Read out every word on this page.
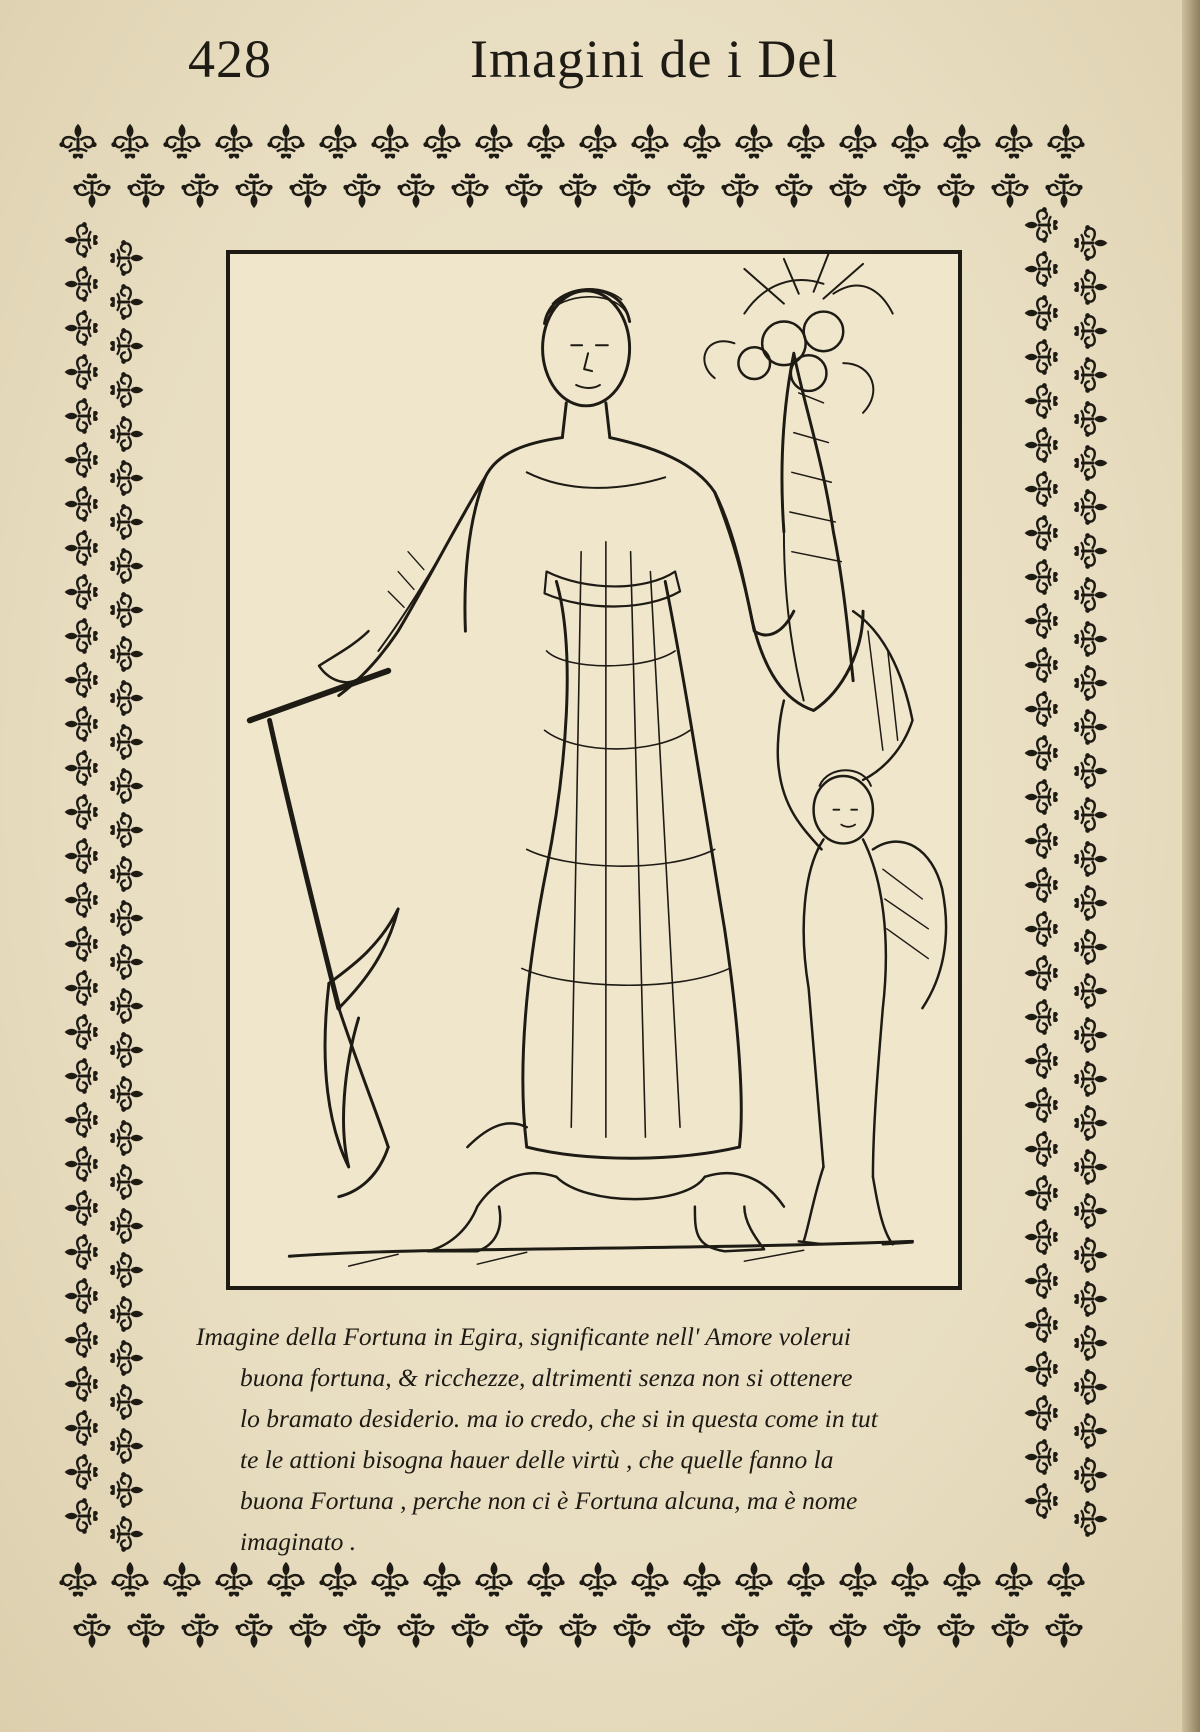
428	Imagini de i Del
Imagine della Fortuna in Egira, significante nell' Amore volerui
buona fortuna, & ricchezze, altrimenti senza non si ottenere
lo bramato desiderio. ma io credo, che si in questa come in tut
te le attioni bisogna hauer delle virtù , che quelle fanno la
buona Fortuna , perche non ci è Fortuna alcuna, ma è nome
imaginato .
